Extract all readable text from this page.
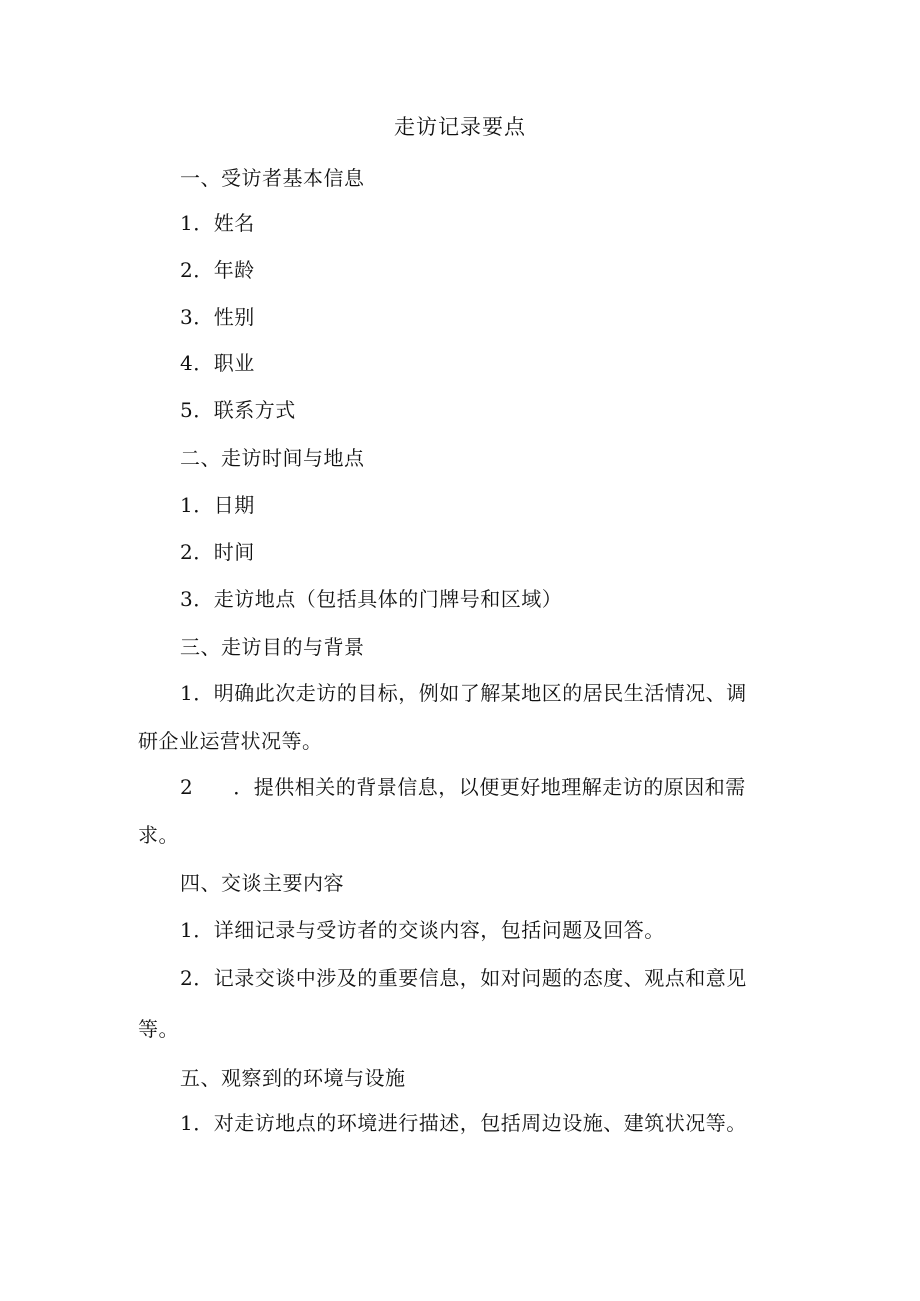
走访记录要点
一、受访者基本信息
1．姓名
2．年龄
3．性别
4．职业
5．联系方式
二、走访时间与地点
1．日期
2．时间
3．走访地点（包括具体的门牌号和区域）
三、走访目的与背景
1．明确此次走访的目标，例如了解某地区的居民生活情况、调
研企业运营状况等。
2 ．提供相关的背景信息，以便更好地理解走访的原因和需
求。
四、交谈主要内容
1．详细记录与受访者的交谈内容，包括问题及回答。
2．记录交谈中涉及的重要信息，如对问题的态度、观点和意见
等。
五、观察到的环境与设施
1．对走访地点的环境进行描述，包括周边设施、建筑状况等。
